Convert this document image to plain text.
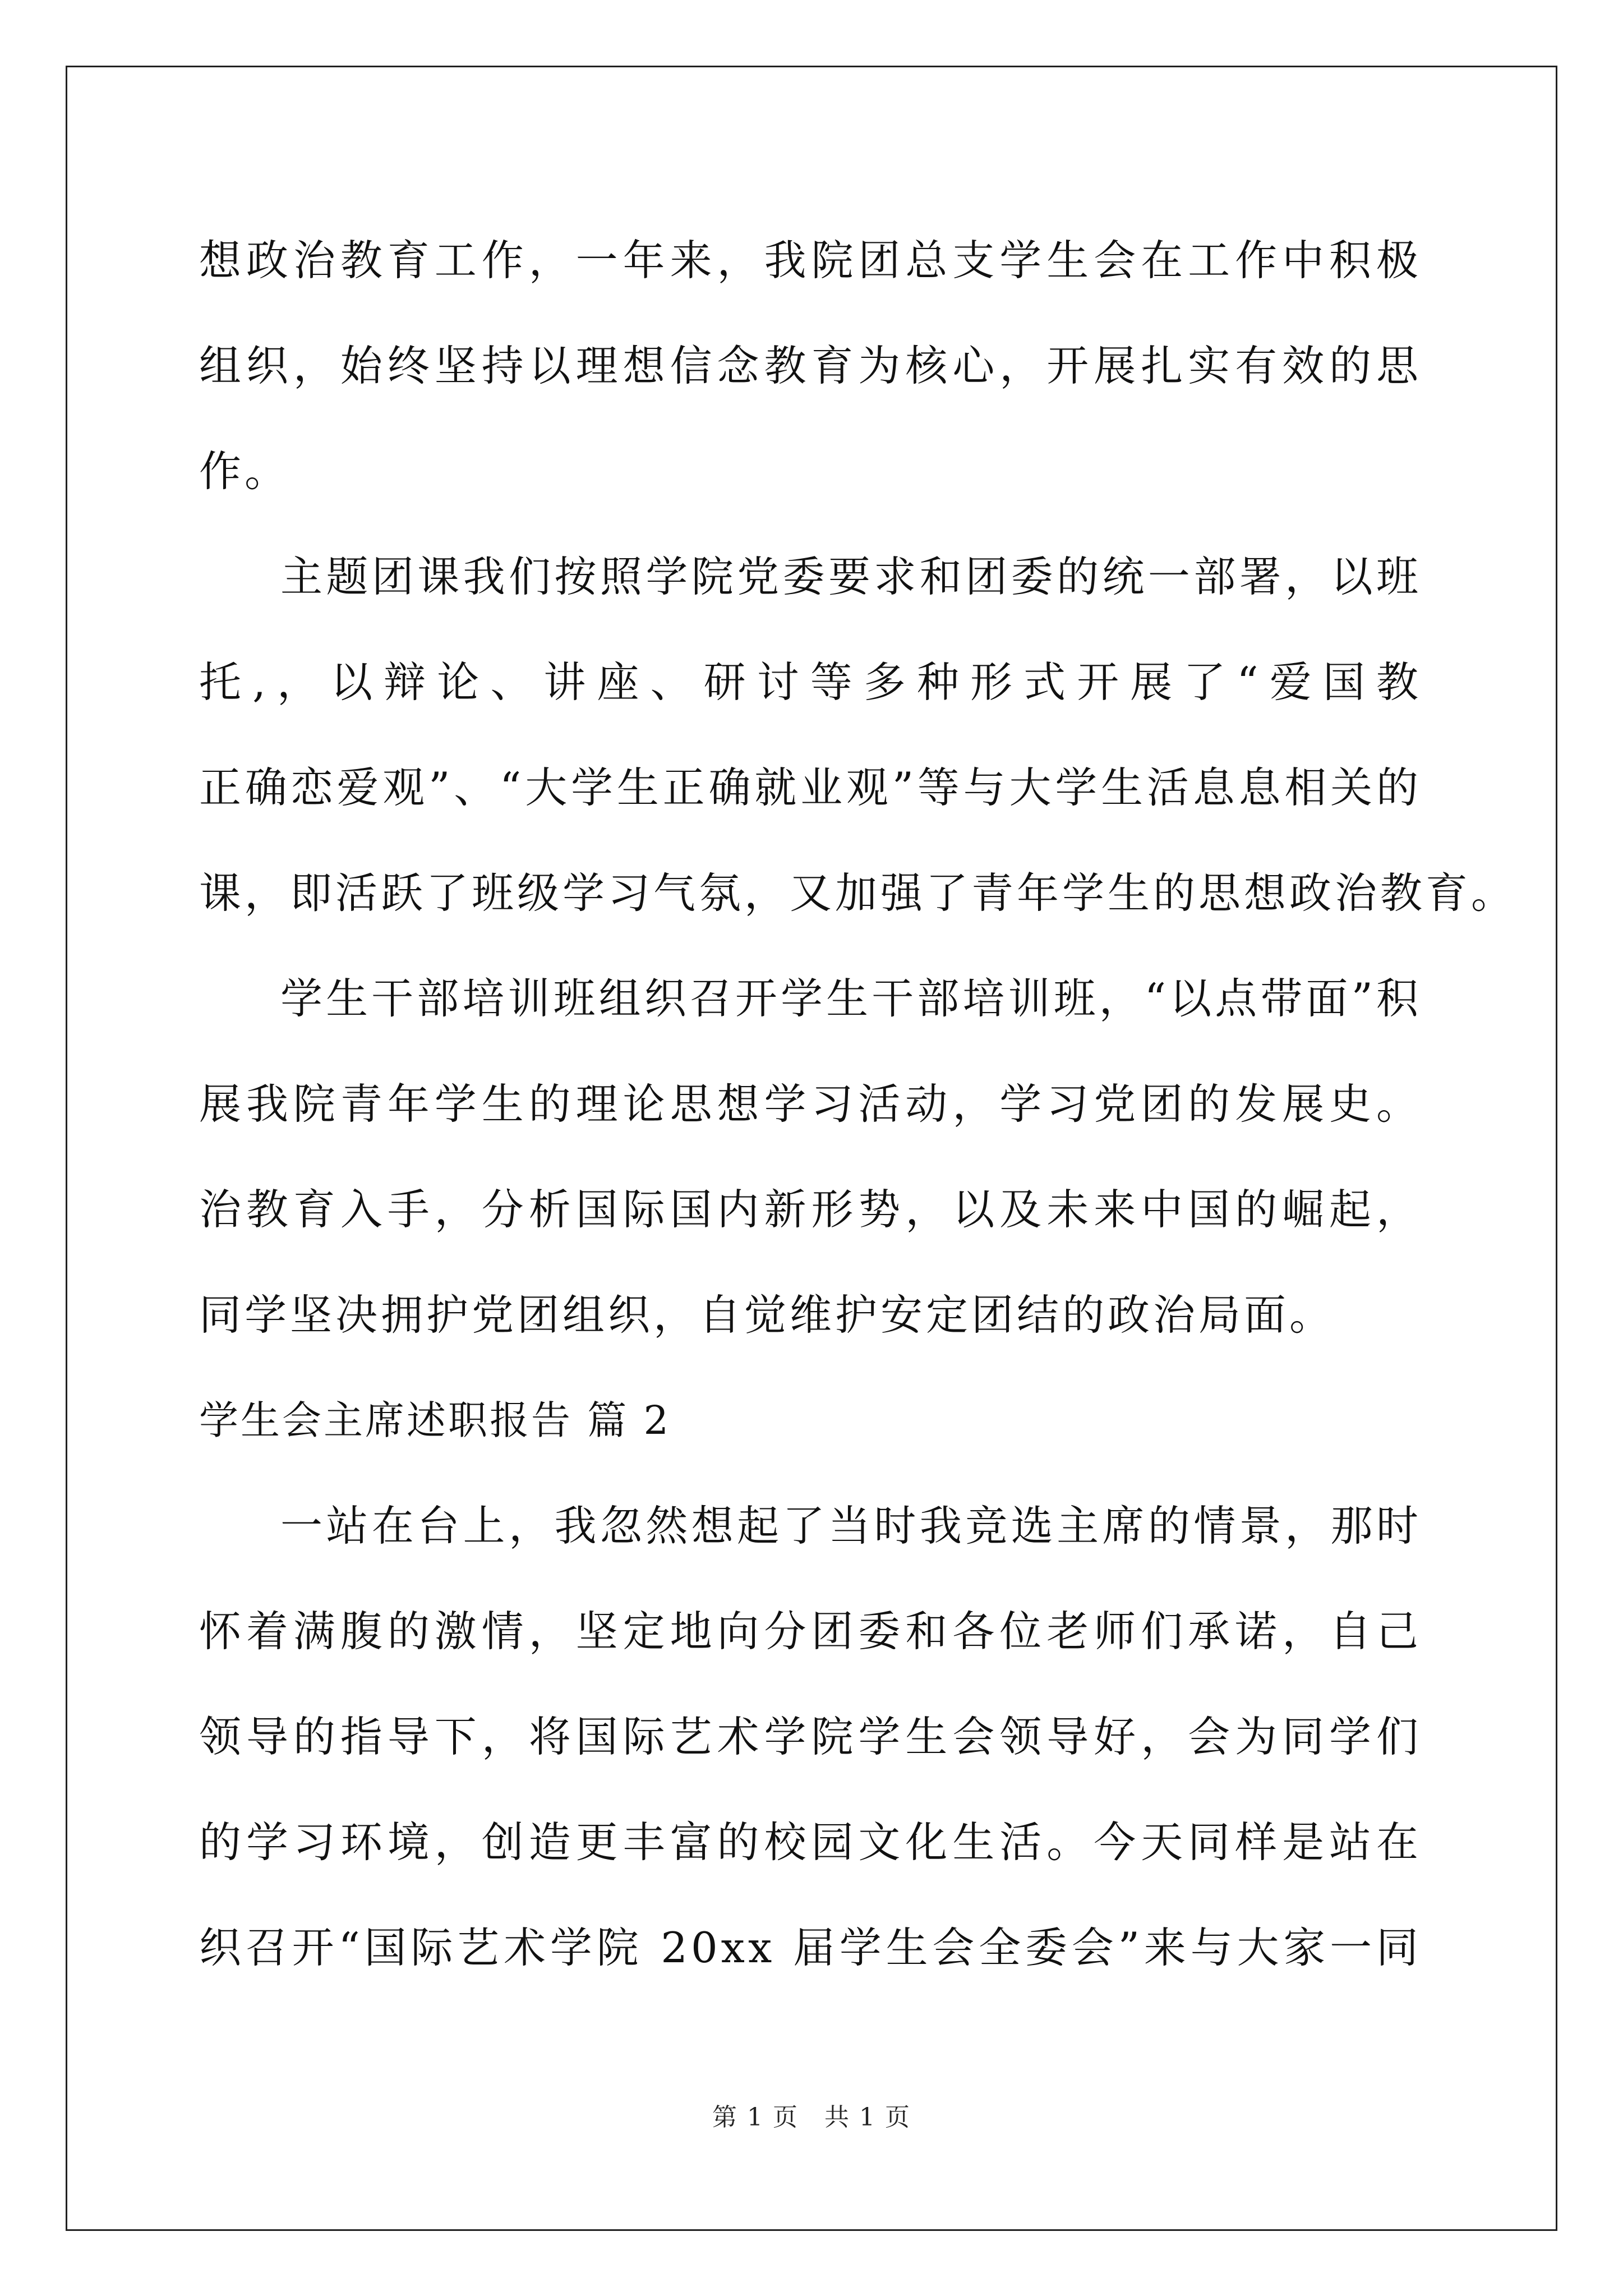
想政治教育工作，一年来，我院团总支学生会在工作中积极
组织，始终坚持以理想信念教育为核心，开展扎实有效的思
作。
主题团课我们按照学院党委要求和团委的统一部署，以班
托,，以辩论、讲座、研讨等多种形式开展了“爱国教
正确恋爱观”、“大学生正确就业观”等与大学生活息息相关的
课，即活跃了班级学习气氛，又加强了青年学生的思想政治教育。
学生干部培训班组织召开学生干部培训班，“以点带面”积
展我院青年学生的理论思想学习活动，学习党团的发展史。
治教育入手，分析国际国内新形势，以及未来中国的崛起，
同学坚决拥护党团组织，自觉维护安定团结的政治局面。
学生会主席述职报告 篇 2
一站在台上，我忽然想起了当时我竞选主席的情景，那时
怀着满腹的激情，坚定地向分团委和各位老师们承诺，自己
领导的指导下，将国际艺术学院学生会领导好，会为同学们
的学习环境，创造更丰富的校园文化生活。今天同样是站在
织召开“国际艺术学院 20xx 届学生会全委会”来与大家一同
第 1 页　共 1 页
